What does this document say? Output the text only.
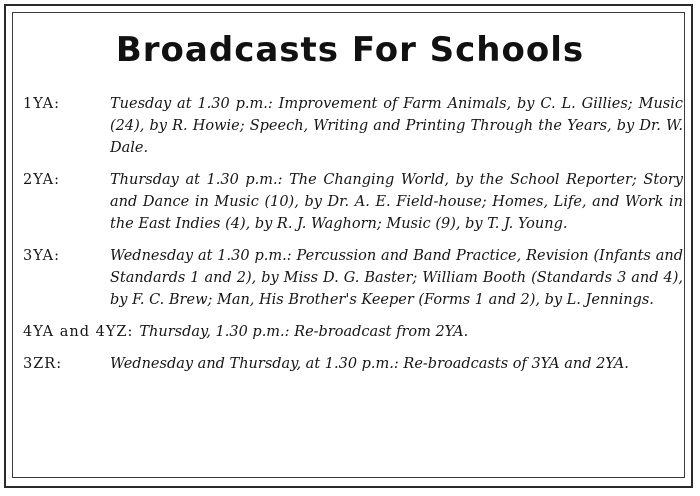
Broadcasts For Schools
1YA:	Tuesday at 1.30 p.m.: Improvement of Farm Animals, by C. L. Gillies; Music (24), by R. Howie; Speech, Writing and Printing Through the Years, by Dr. W. Dale.
2YA:	Thursday at 1.30 p.m.: The Changing World, by the School Reporter; Story and Dance in Music (10), by Dr. A. E. Field-house; Homes, Life, and Work in the East Indies (4), by R. J. Waghorn; Music (9), by T. J. Young.
3YA:	Wednesday at 1.30 p.m.: Percussion and Band Practice, Revision (Infants and Standards 1 and 2), by Miss D. G. Baster; William Booth (Standards 3 and 4), by F. C. Brew; Man, His Brother's Keeper (Forms 1 and 2), by L. Jennings.
4YA and 4YZ: Thursday, 1.30 p.m.: Re-broadcast from 2YA.
3ZR:	Wednesday and Thursday, at 1.30 p.m.: Re-broadcasts of 3YA and 2YA.
